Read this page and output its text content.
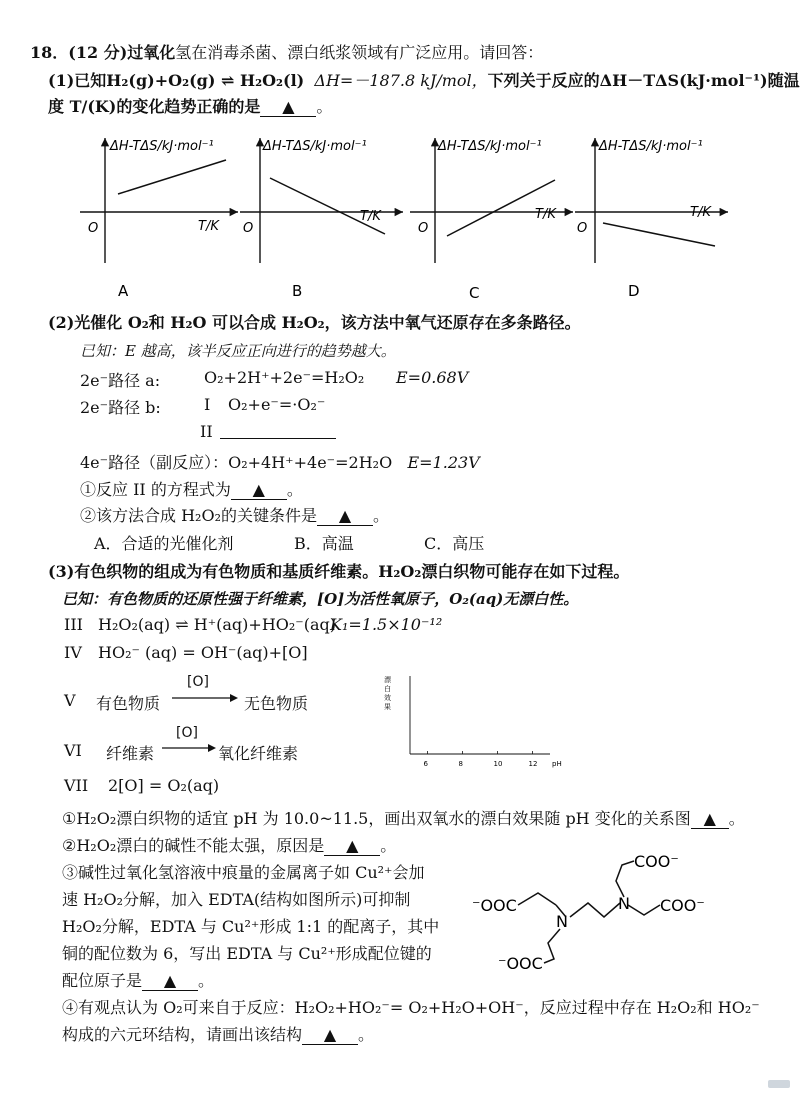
18．(12 分)过氧化氢在消毒杀菌、漂白纸浆领域有广泛应用。请回答：
(1)已知H₂(g)+O₂(g) ⇌ H₂O₂(l) ΔH=－187.8 kJ/mol，下列关于反应的ΔH－TΔS(kJ·mol⁻¹)随温
度 T/(K)的变化趋势正确的是 ▲ 。
ΔH-TΔS/kJ·mol⁻¹
T/K
O
A
ΔH-TΔS/kJ·mol⁻¹
T/K
O
B
ΔH-TΔS/kJ·mol⁻¹
T/K
O
C
ΔH-TΔS/kJ·mol⁻¹
T/K
O
D
(2)光催化 O₂和 H₂O 可以合成 H₂O₂，该方法中氧气还原存在多条路径。
已知：E 越高，该半反应正向进行的趋势越大。
2e⁻路径 a:	O₂+2H⁺+2e⁻=H₂O₂ E=0.68V
2e⁻路径 b:	I O₂+e⁻=·O₂⁻
II
4e⁻路径（副反应）：O₂+4H⁺+4e⁻=2H₂O E=1.23V
①反应 II 的方程式为 ▲ 。
②该方法合成 H₂O₂的关键条件是 ▲ 。
A．合适的光催化剂	B．高温	C．高压
(3)有色织物的组成为有色物质和基质纤维素。H₂O₂漂白织物可能存在如下过程。
已知：有色物质的还原性强于纤维素，[O]为活性氧原子，O₂(aq)无漂白性。
III H₂O₂(aq) ⇌ H⁺(aq)+HO₂⁻(aq)
K₁=1.5×10⁻¹²
IV HO₂⁻ (aq) = OH⁻(aq)+[O]
V 有色物质
[O]
无色物质
VI 纤维素
[O]
氧化纤维素
VII 2[O] = O₂(aq)
漂
白
效
果
6	8	10	12 pH
①H₂O₂漂白织物的适宜 pH 为 10.0~11.5，画出双氧水的漂白效果随 pH 变化的关系图 ▲ 。
②H₂O₂漂白的碱性不能太强，原因是 ▲ 。
③碱性过氧化氢溶液中痕量的金属离子如 Cu²⁺会加
速 H₂O₂分解，加入 EDTA(结构如图所示)可抑制
H₂O₂分解，EDTA 与 Cu²⁺形成 1:1 的配离子，其中
铜的配位数为 6，写出 EDTA 与 Cu²⁺形成配位键的
配位原子是 ▲ 。
COO⁻
COO⁻
⁻OOC
⁻OOC
N
N
④有观点认为 O₂可来自于反应：H₂O₂+HO₂⁻= O₂+H₂O+OH⁻，反应过程中存在 H₂O₂和 HO₂⁻
构成的六元环结构，请画出该结构 ▲ 。
